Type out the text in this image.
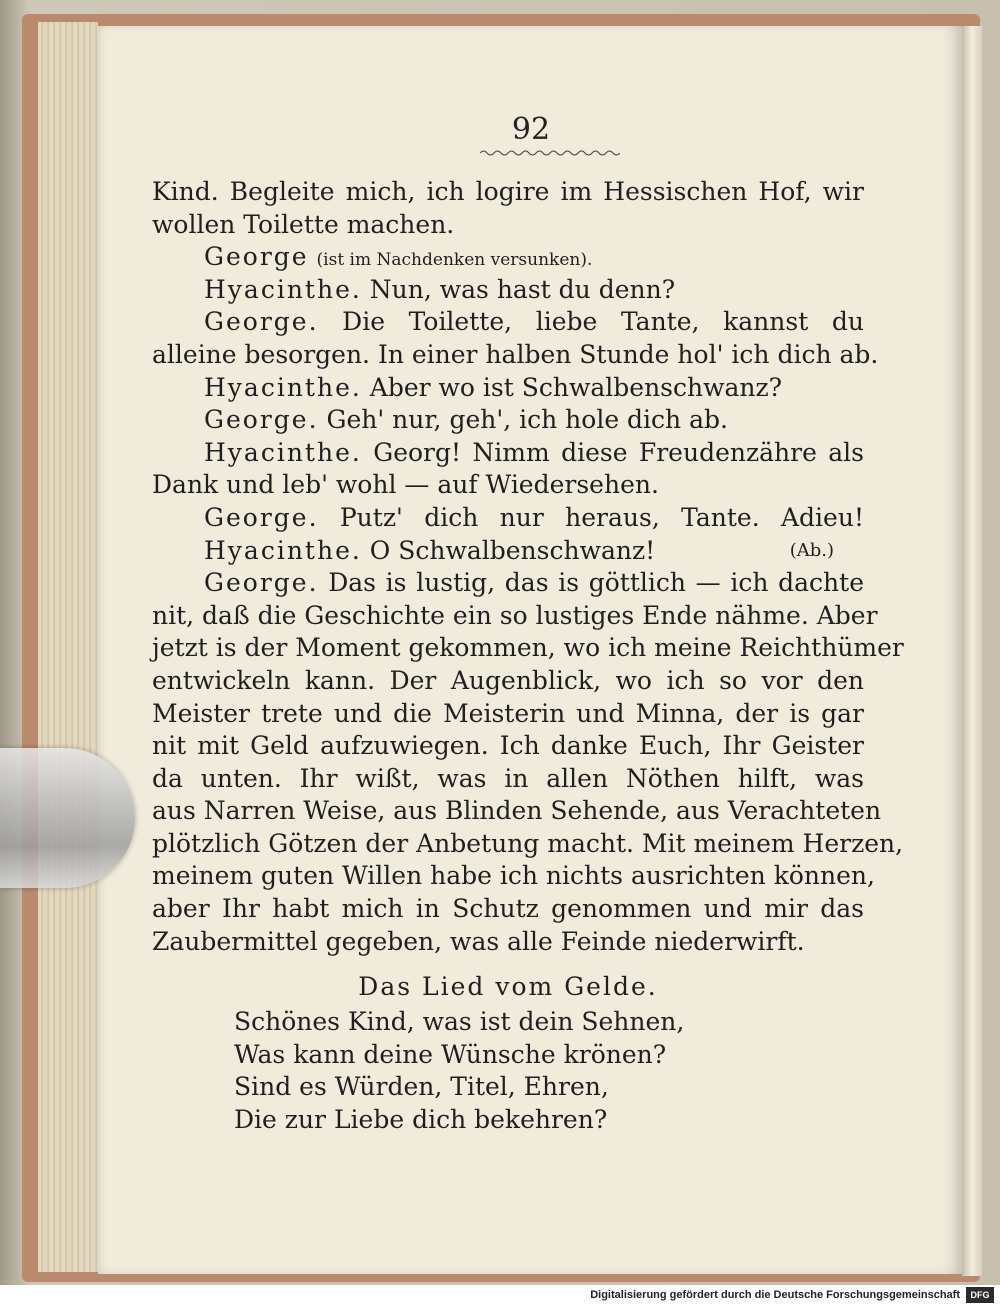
92
Kind. Begleite mich, ich logire im Hessischen Hof, wir
wollen Toilette machen.
George (ist im Nachdenken versunken).
Hyacinthe. Nun, was hast du denn?
George. Die Toilette, liebe Tante, kannst du
alleine besorgen. In einer halben Stunde hol' ich dich ab.
Hyacinthe. Aber wo ist Schwalbenschwanz?
George. Geh' nur, geh', ich hole dich ab.
Hyacinthe. Georg! Nimm diese Freudenzähre als
Dank und leb' wohl — auf Wiedersehen.
George. Putz' dich nur heraus, Tante. Adieu!
Hyacinthe. O Schwalbenschwanz!	(Ab.)
George. Das is lustig, das is göttlich — ich dachte
nit, daß die Geschichte ein so lustiges Ende nähme. Aber
jetzt is der Moment gekommen, wo ich meine Reichthümer
entwickeln kann. Der Augenblick, wo ich so vor den
Meister trete und die Meisterin und Minna, der is gar
nit mit Geld aufzuwiegen. Ich danke Euch, Ihr Geister
da unten. Ihr wißt, was in allen Nöthen hilft, was
aus Narren Weise, aus Blinden Sehende, aus Verachteten
plötzlich Götzen der Anbetung macht. Mit meinem Herzen,
meinem guten Willen habe ich nichts ausrichten können,
aber Ihr habt mich in Schutz genommen und mir das
Zaubermittel gegeben, was alle Feinde niederwirft.
Das Lied vom Gelde.
Schönes Kind, was ist dein Sehnen,
Was kann deine Wünsche krönen?
Sind es Würden, Titel, Ehren,
Die zur Liebe dich bekehren?
Digitalisierung gefördert durch die Deutsche Forschungsgemeinschaft	DFG
